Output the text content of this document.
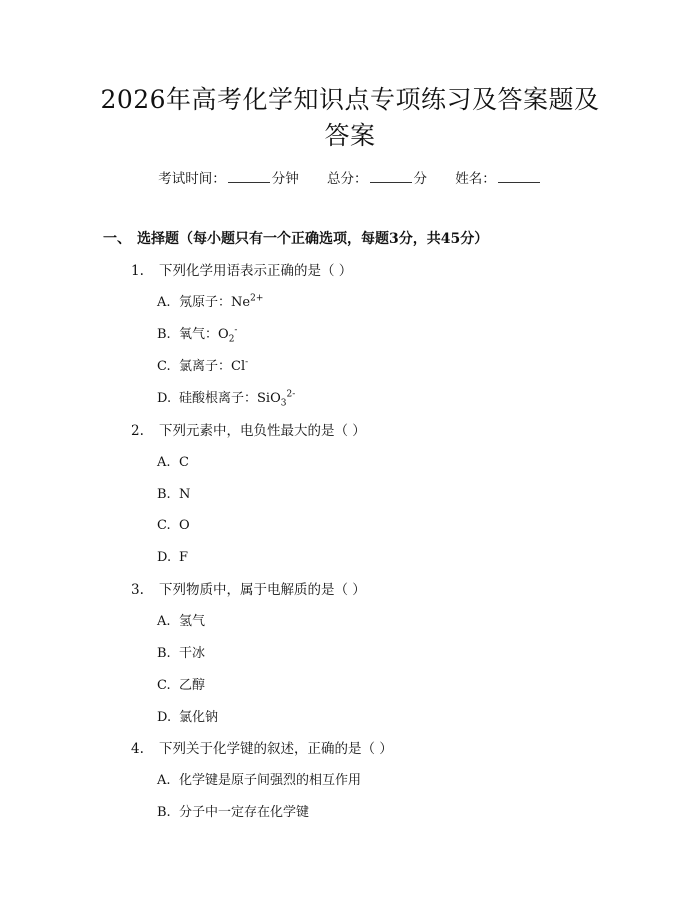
2026年高考化学知识点专项练习及答案题及
答案
考试时间：	分钟 总分：	分 姓名：
一、 选择题（每小题只有一个正确选项，每题3分，共45分）
1. 下列化学用语表示正确的是（ ）
A. 氖原子：$Ne^{2+}$
B. 氧气：$O_2^-$
C. 氯离子：Cl-
D. 硅酸根离子：SiO$_3^{2-}$
2. 下列元素中，电负性最大的是（ ）
A. C
B. N
C. O
D. F
3. 下列物质中，属于电解质的是（ ）
A. 氢气
B. 干冰
C. 乙醇
D. 氯化钠
4. 下列关于化学键的叙述，正确的是（ ）
A. 化学键是原子间强烈的相互作用
B. 分子中一定存在化学键
